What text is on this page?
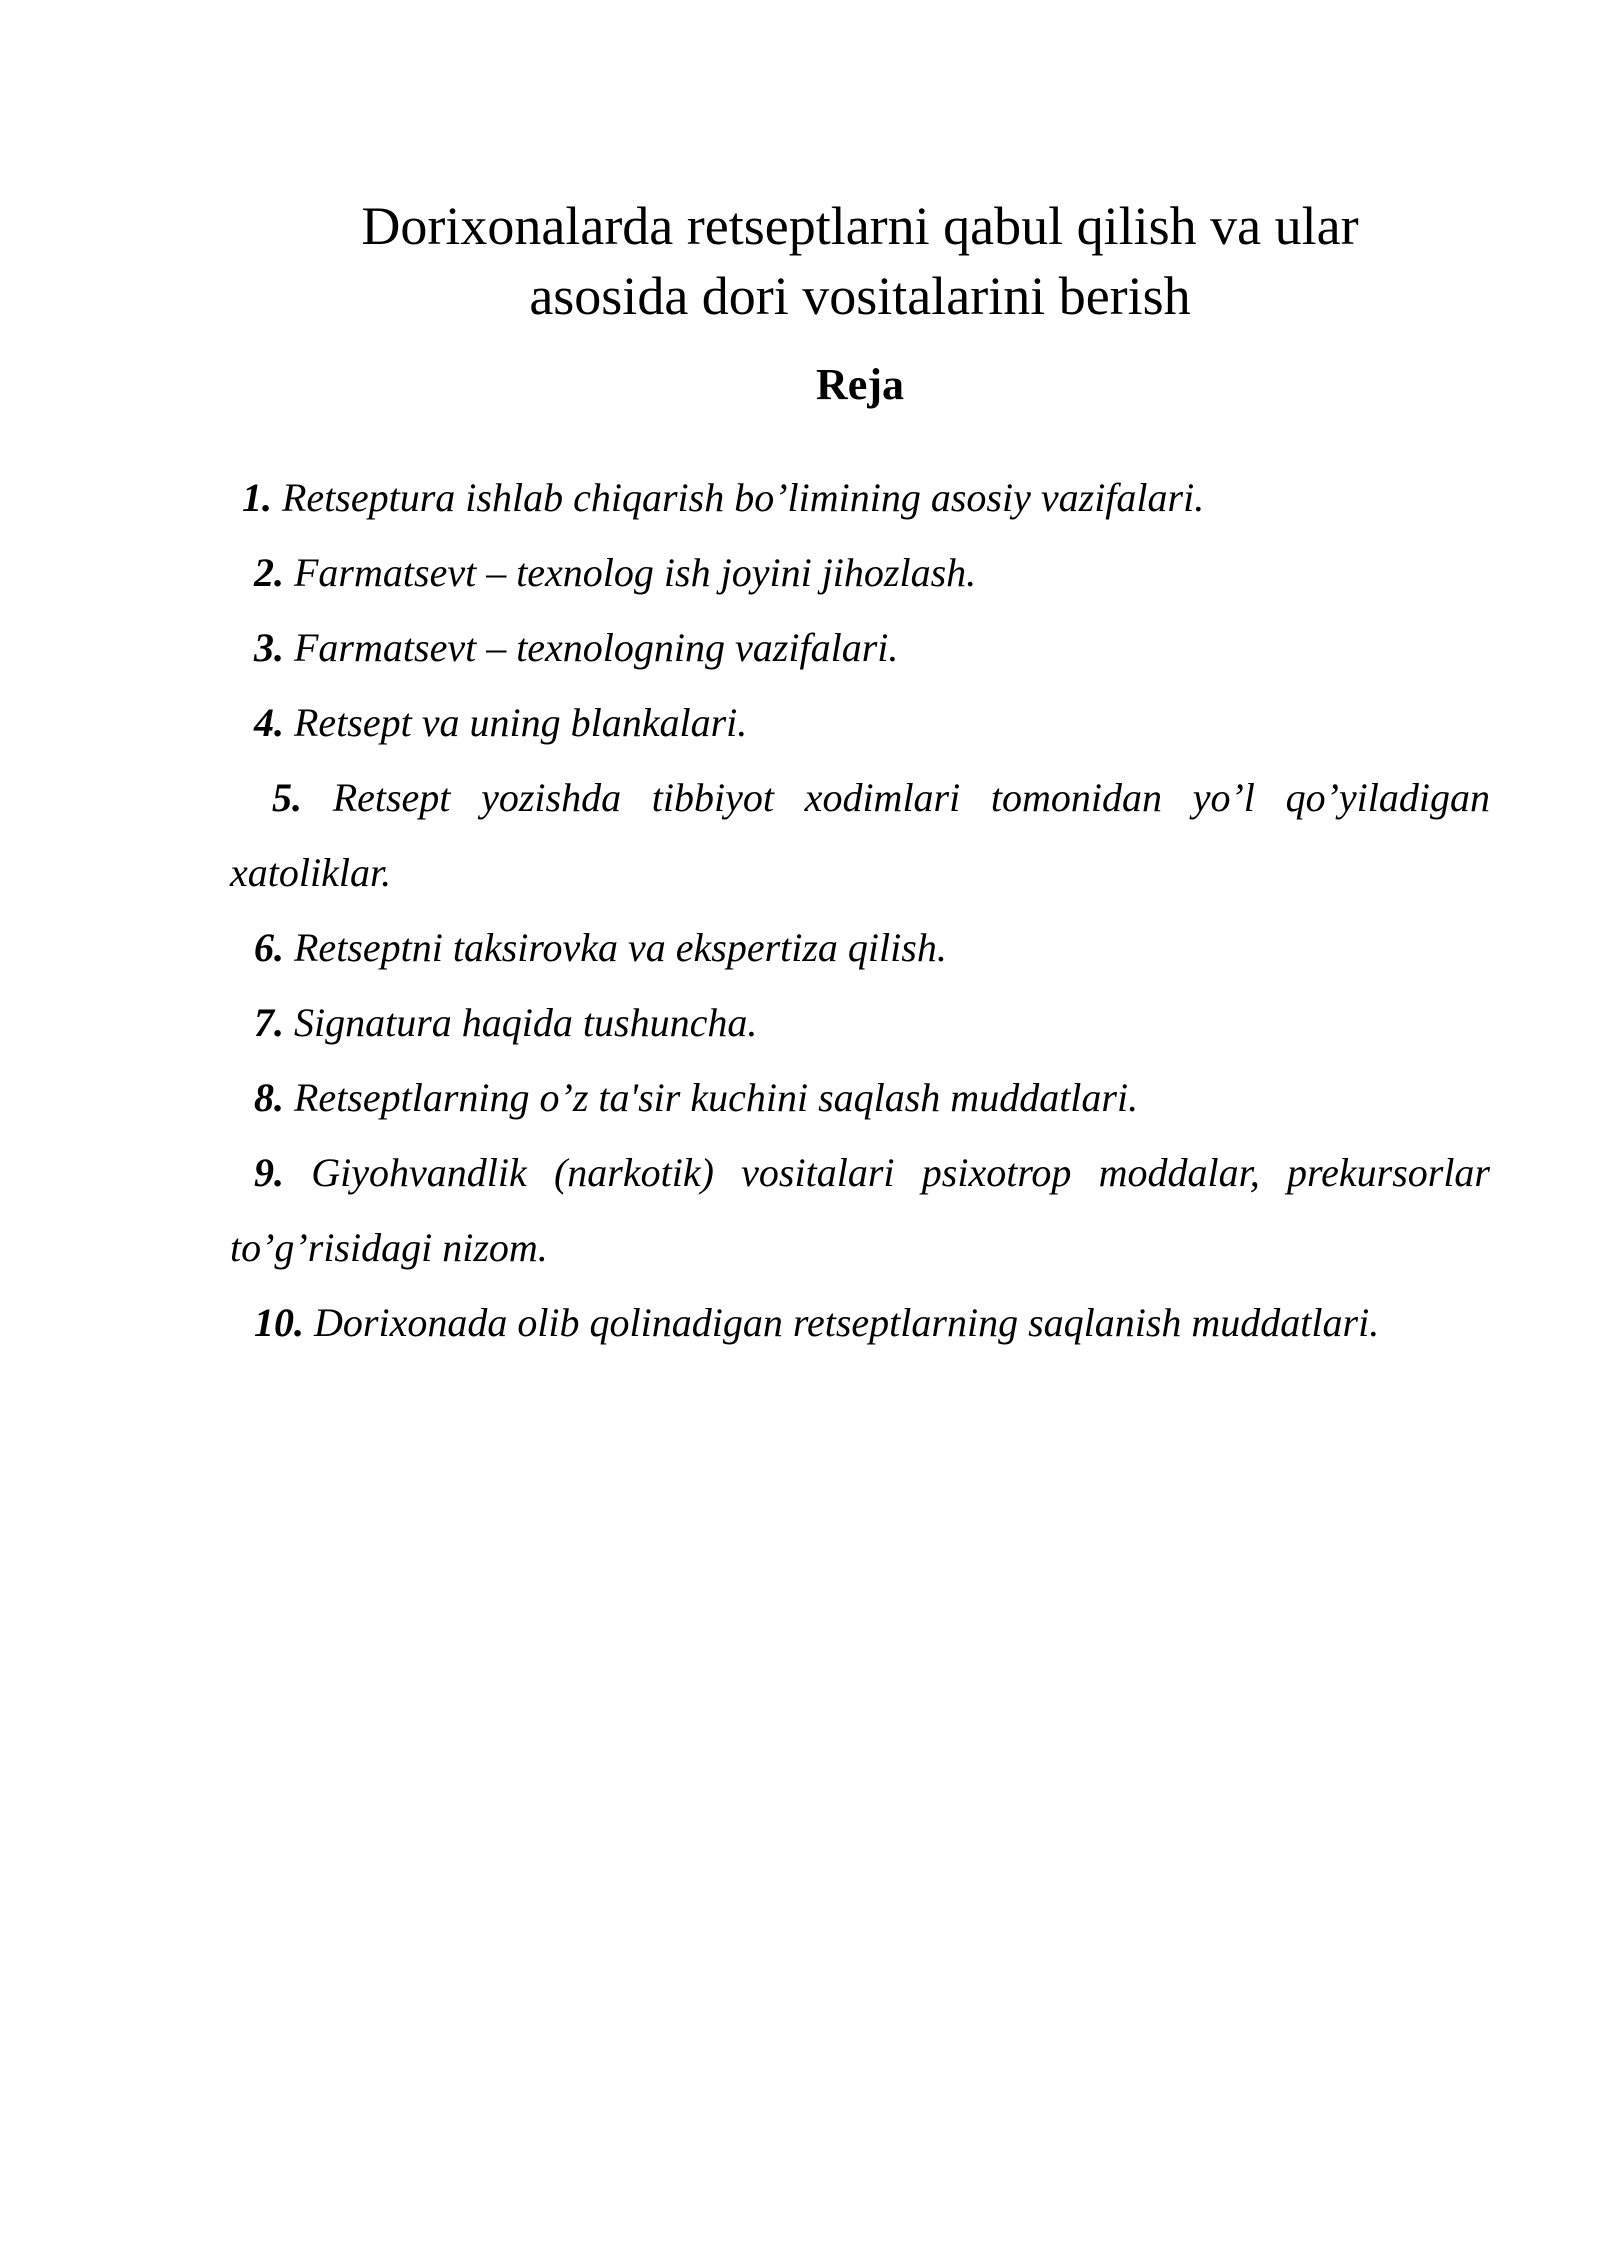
Dorixonalarda retseptlarni qabul qilish va ular
asosida dori vositalarini berish
Reja

1. Retseptura ishlab chiqarish bo’limining asosiy vazifalari.

2. Farmatsevt – texnolog ish joyini jihozlash.

3. Farmatsevt – texnologning vazifalari.

4. Retsept va uning blankalari.

5. Retsept yozishda tibbiyot xodimlari tomonidan yo’l qo’yiladigan xatoliklar.

6. Retseptni taksirovka va ekspertiza qilish.

7. Signatura haqida tushuncha.

8. Retseptlarning o’z ta'sir kuchini saqlash muddatlari.

9. Giyohvandlik (narkotik) vositalari psixotrop moddalar, prekursorlar to’g’risidagi nizom.

10. Dorixonada olib qolinadigan retseptlarning saqlanish muddatlari.
